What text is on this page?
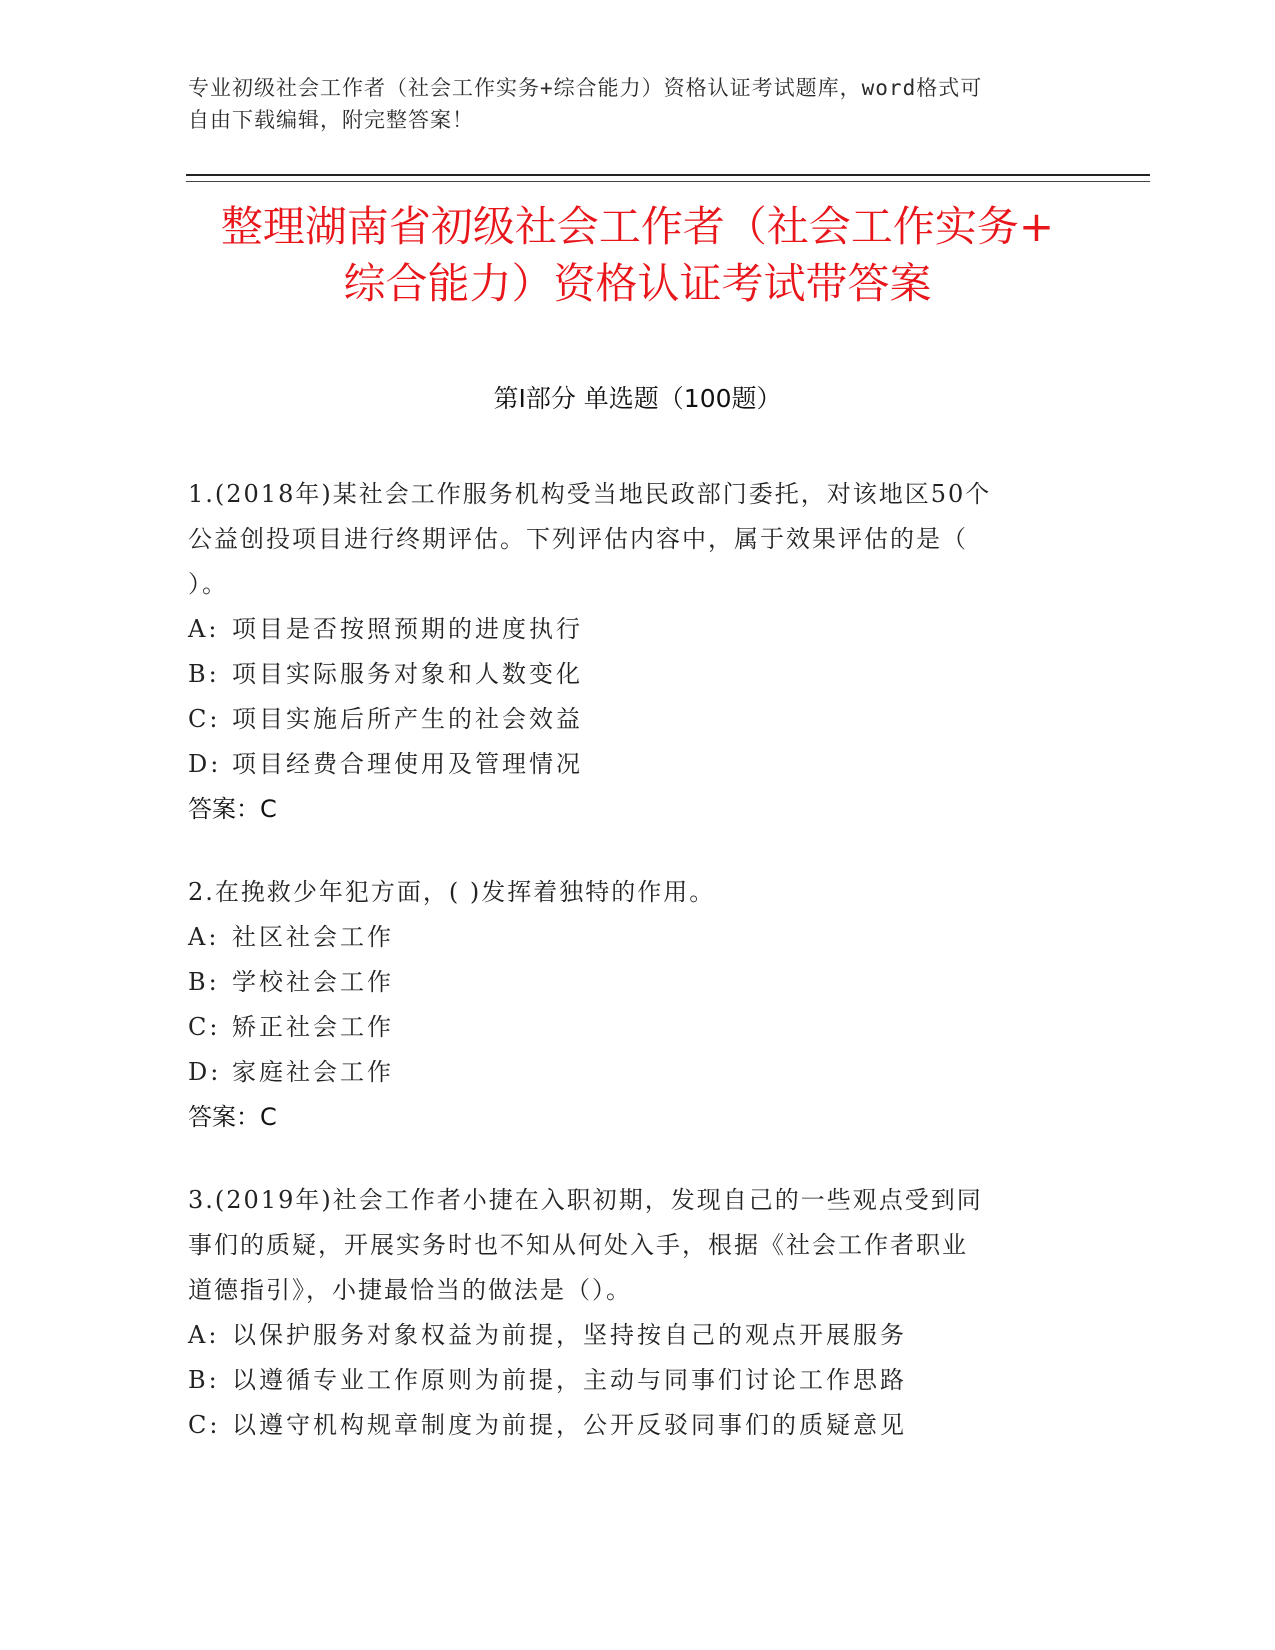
专业初级社会工作者（社会工作实务+综合能力）资格认证考试题库，word格式可
自由下载编辑，附完整答案！
整理湖南省初级社会工作者（社会工作实务+
综合能力）资格认证考试带答案
第Ⅰ部分 单选题（100题）
1.(2018年)某社会工作服务机构受当地民政部门委托，对该地区50个
公益创投项目进行终期评估。下列评估内容中，属于效果评估的是（
）。
A: 项目是否按照预期的进度执行
B: 项目实际服务对象和人数变化
C: 项目实施后所产生的社会效益
D: 项目经费合理使用及管理情况
答案：C
2.在挽救少年犯方面，( )发挥着独特的作用。
A: 社区社会工作
B: 学校社会工作
C: 矫正社会工作
D: 家庭社会工作
答案：C
3.(2019年)社会工作者小捷在入职初期，发现自己的一些观点受到同
事们的质疑，开展实务时也不知从何处入手，根据《社会工作者职业
道德指引》，小捷最恰当的做法是（）。
A: 以保护服务对象权益为前提，坚持按自己的观点开展服务
B: 以遵循专业工作原则为前提，主动与同事们讨论工作思路
C: 以遵守机构规章制度为前提，公开反驳同事们的质疑意见
